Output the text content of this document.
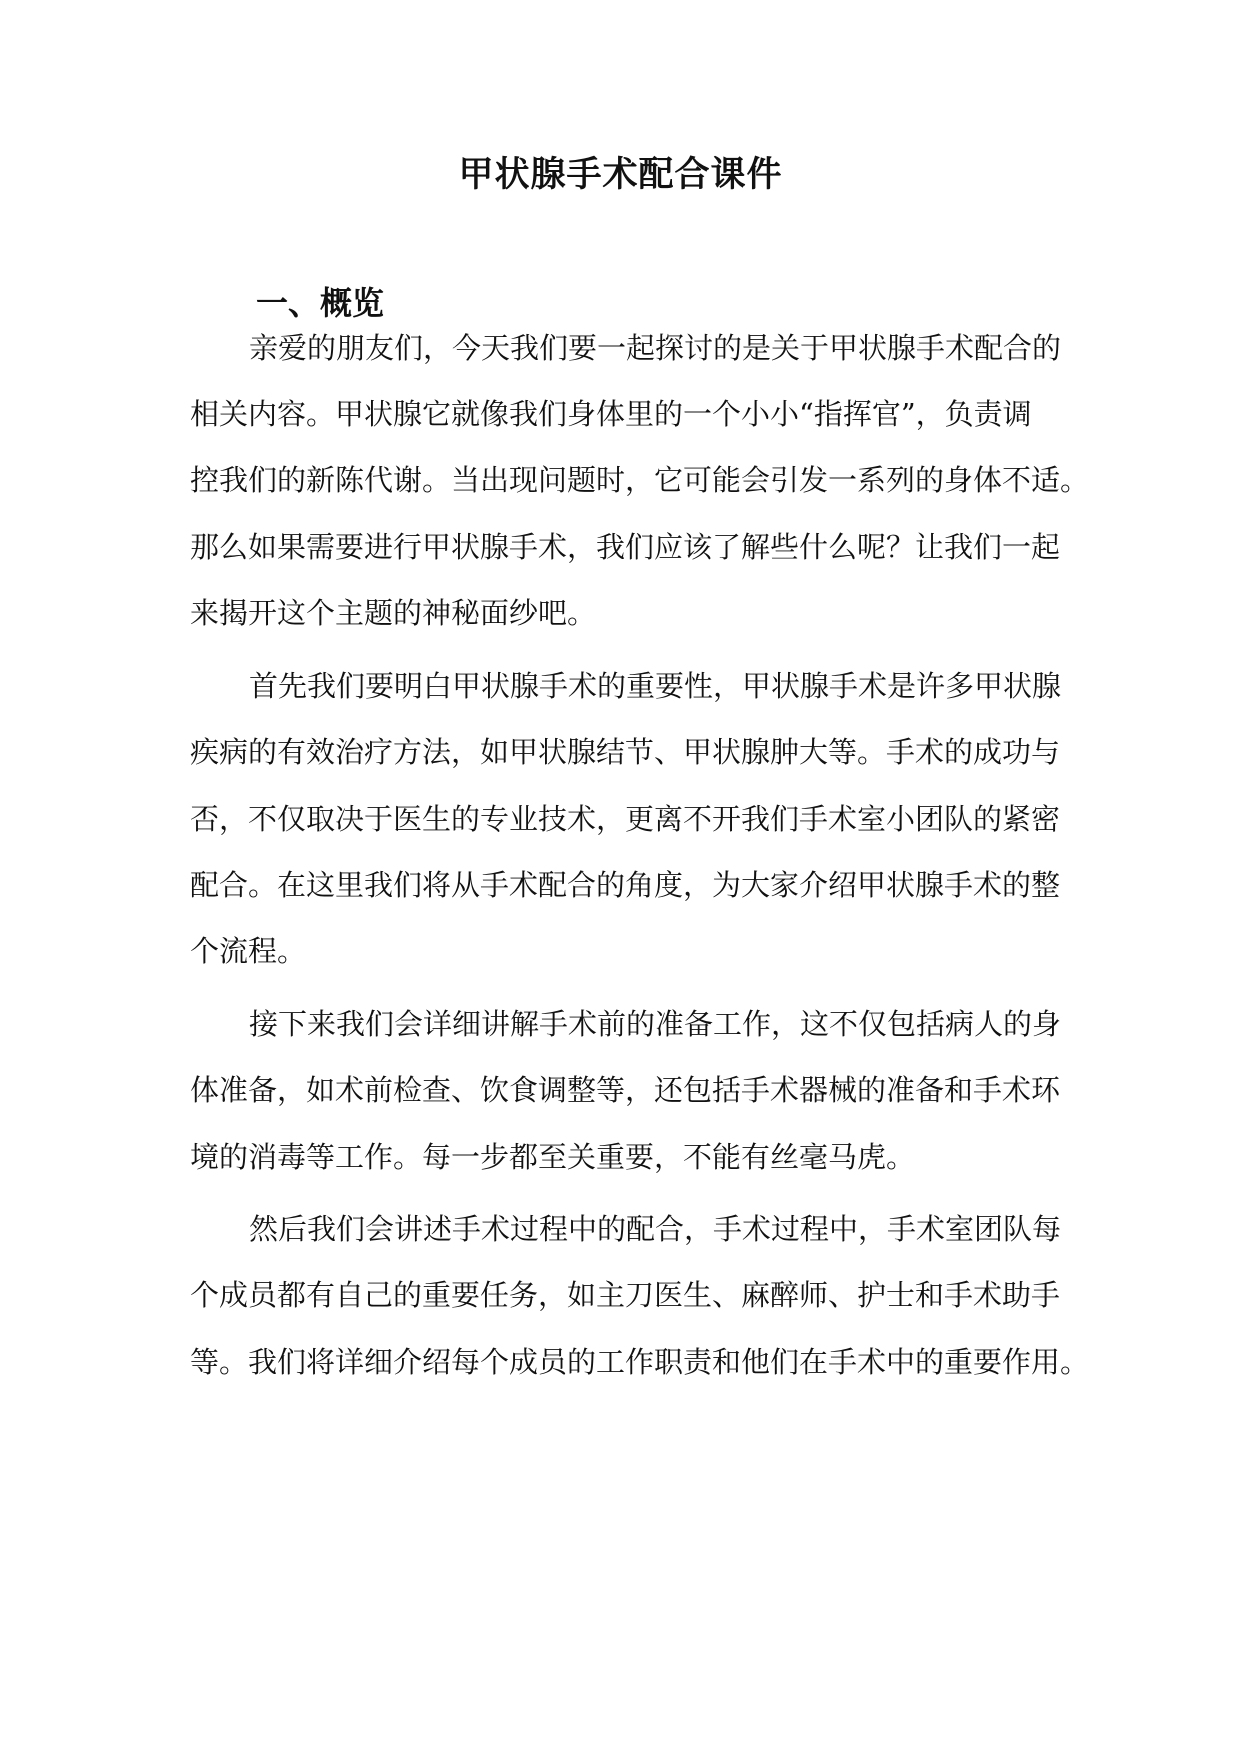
甲状腺手术配合课件
一、概览
亲爱的朋友们，今天我们要一起探讨的是关于甲状腺手术配合的
相关内容。甲状腺它就像我们身体里的一个小小“指挥官”，负责调
控我们的新陈代谢。当出现问题时，它可能会引发一系列的身体不适。
那么如果需要进行甲状腺手术，我们应该了解些什么呢？让我们一起
来揭开这个主题的神秘面纱吧。
首先我们要明白甲状腺手术的重要性，甲状腺手术是许多甲状腺
疾病的有效治疗方法，如甲状腺结节、甲状腺肿大等。手术的成功与
否，不仅取决于医生的专业技术，更离不开我们手术室小团队的紧密
配合。在这里我们将从手术配合的角度，为大家介绍甲状腺手术的整
个流程。
接下来我们会详细讲解手术前的准备工作，这不仅包括病人的身
体准备，如术前检查、饮食调整等，还包括手术器械的准备和手术环
境的消毒等工作。每一步都至关重要，不能有丝毫马虎。
然后我们会讲述手术过程中的配合，手术过程中，手术室团队每
个成员都有自己的重要任务，如主刀医生、麻醉师、护士和手术助手
等。我们将详细介绍每个成员的工作职责和他们在手术中的重要作用。
